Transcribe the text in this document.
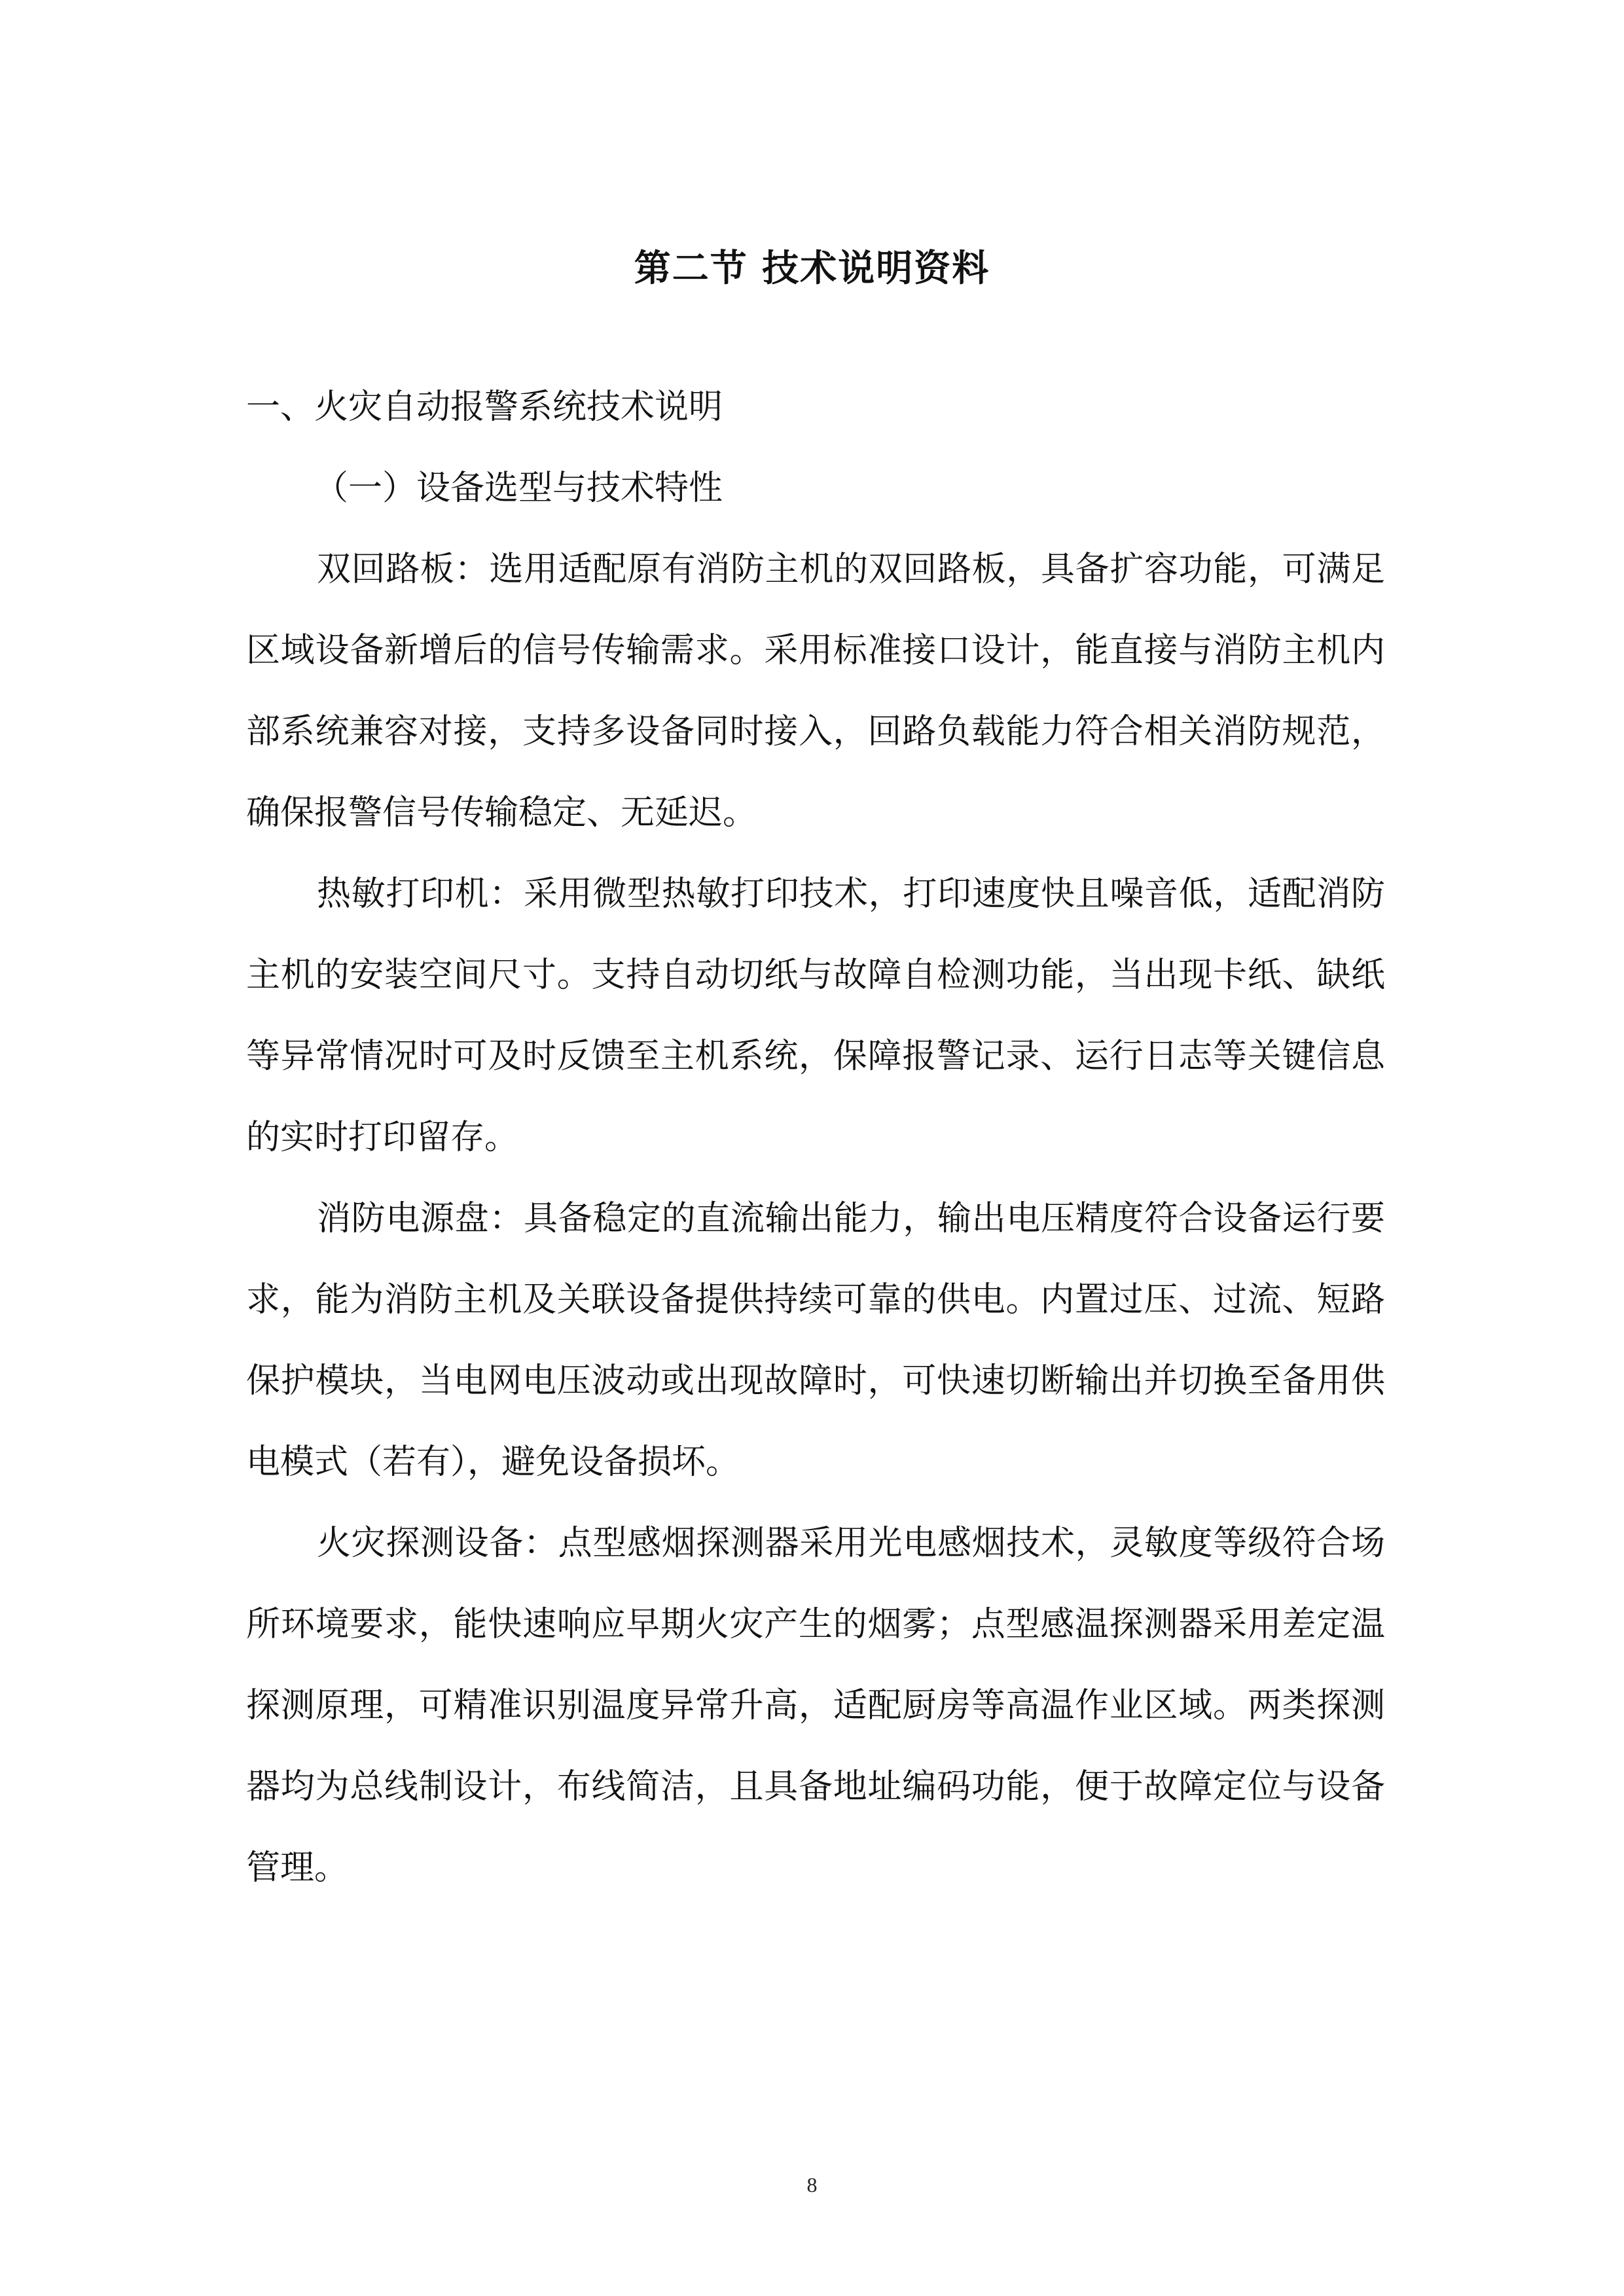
第二节 技术说明资料
一、火灾自动报警系统技术说明
（一）设备选型与技术特性

双回路板：选用适配原有消防主机的双回路板，具备扩容功能，可满足区域设备新增后的信号传输需求。采用标准接口设计，能直接与消防主机内部系统兼容对接，支持多设备同时接入，回路负载能力符合相关消防规范，确保报警信号传输稳定、无延迟。

热敏打印机：采用微型热敏打印技术，打印速度快且噪音低，适配消防主机的安装空间尺寸。支持自动切纸与故障自检测功能，当出现卡纸、缺纸等异常情况时可及时反馈至主机系统，保障报警记录、运行日志等关键信息的实时打印留存。

消防电源盘：具备稳定的直流输出能力，输出电压精度符合设备运行要求，能为消防主机及关联设备提供持续可靠的供电。内置过压、过流、短路保护模块，当电网电压波动或出现故障时，可快速切断输出并切换至备用供电模式（若有），避免设备损坏。

火灾探测设备：点型感烟探测器采用光电感烟技术，灵敏度等级符合场所环境要求，能快速响应早期火灾产生的烟雾；点型感温探测器采用差定温探测原理，可精准识别温度异常升高，适配厨房等高温作业区域。两类探测器均为总线制设计，布线简洁，且具备地址编码功能，便于故障定位与设备管理。

8
